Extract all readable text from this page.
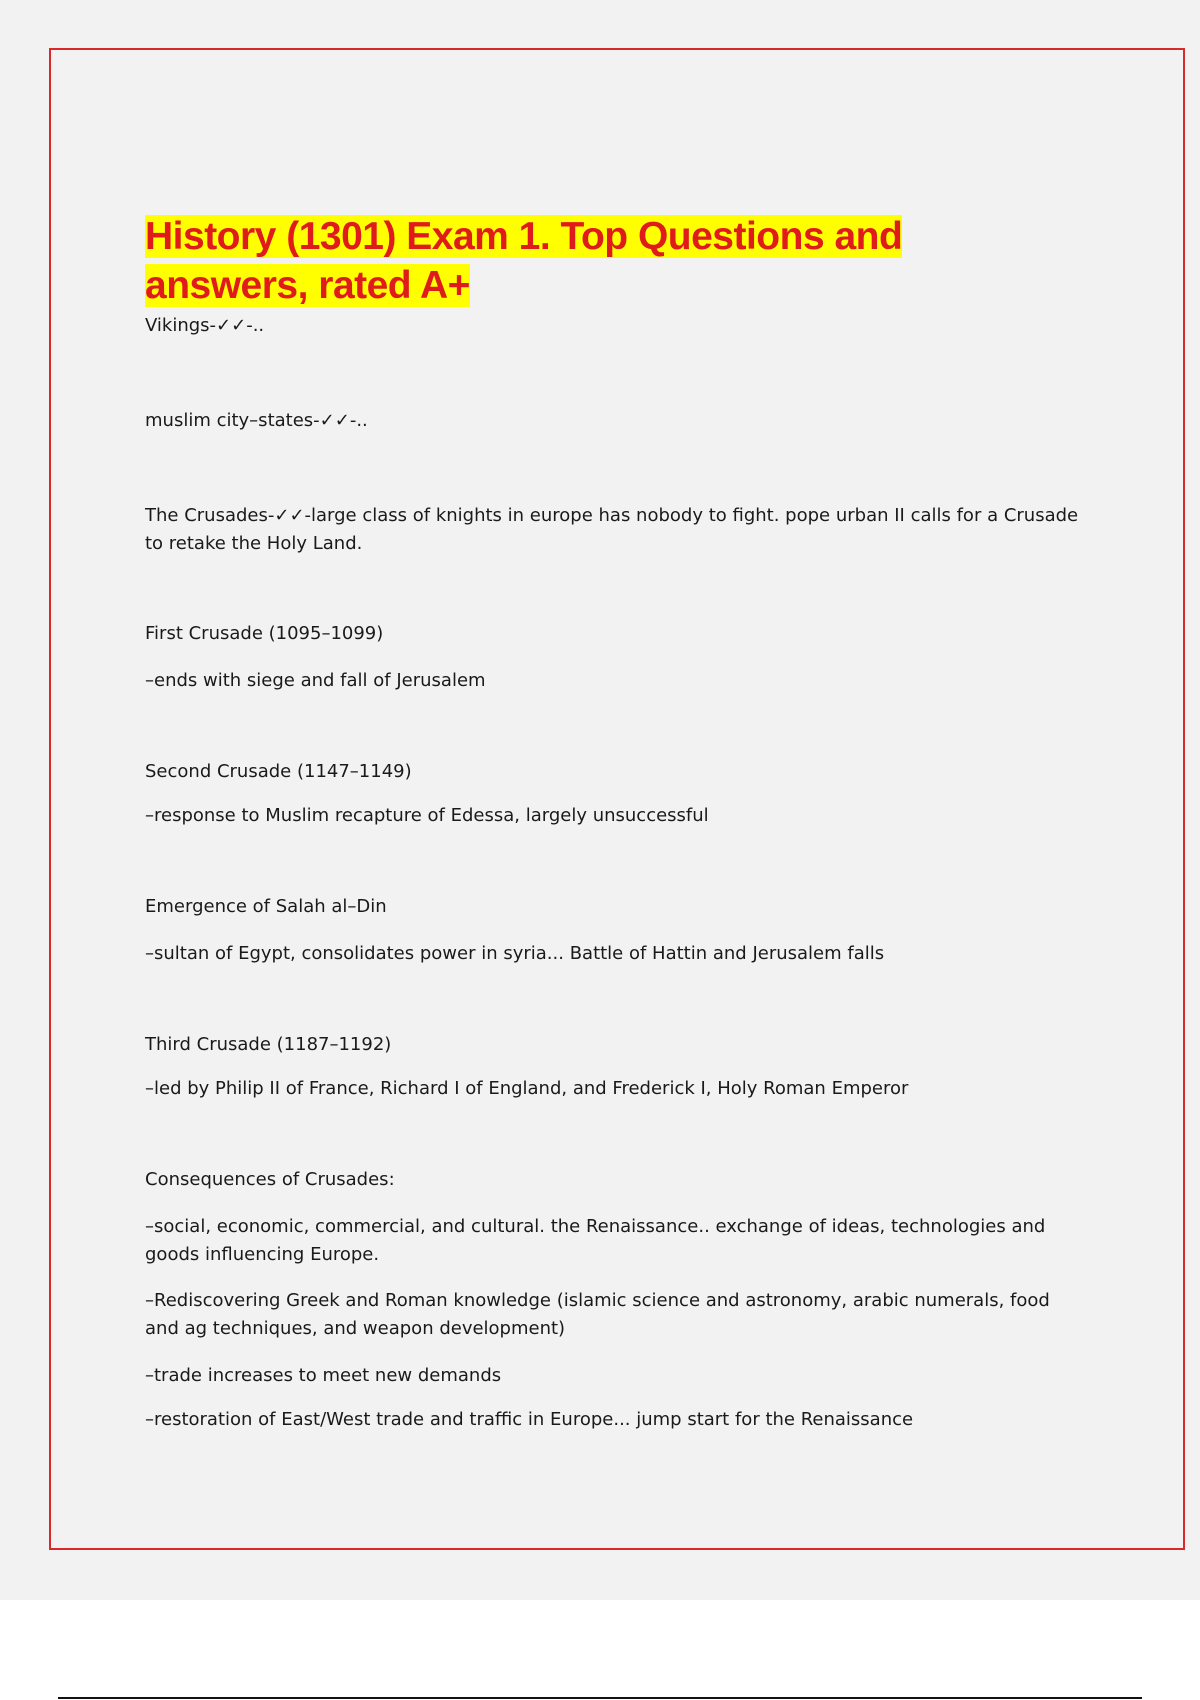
History (1301) Exam 1. Top Questions and answers, rated A+
Vikings-✓✓-..
muslim city–states-✓✓-..
The Crusades-✓✓-large class of knights in europe has nobody to fight. pope urban II calls for a Crusade to retake the Holy Land.
First Crusade (1095–1099)
–ends with siege and fall of Jerusalem
Second Crusade (1147–1149)
–response to Muslim recapture of Edessa, largely unsuccessful
Emergence of Salah al–Din
–sultan of Egypt, consolidates power in syria... Battle of Hattin and Jerusalem falls
Third Crusade (1187–1192)
–led by Philip II of France, Richard I of England, and Frederick I, Holy Roman Emperor
Consequences of Crusades:
–social, economic, commercial, and cultural. the Renaissance.. exchange of ideas, technologies and goods influencing Europe.
–Rediscovering Greek and Roman knowledge (islamic science and astronomy, arabic numerals, food and ag techniques, and weapon development)
–trade increases to meet new demands
–restoration of East/West trade and traffic in Europe... jump start for the Renaissance
